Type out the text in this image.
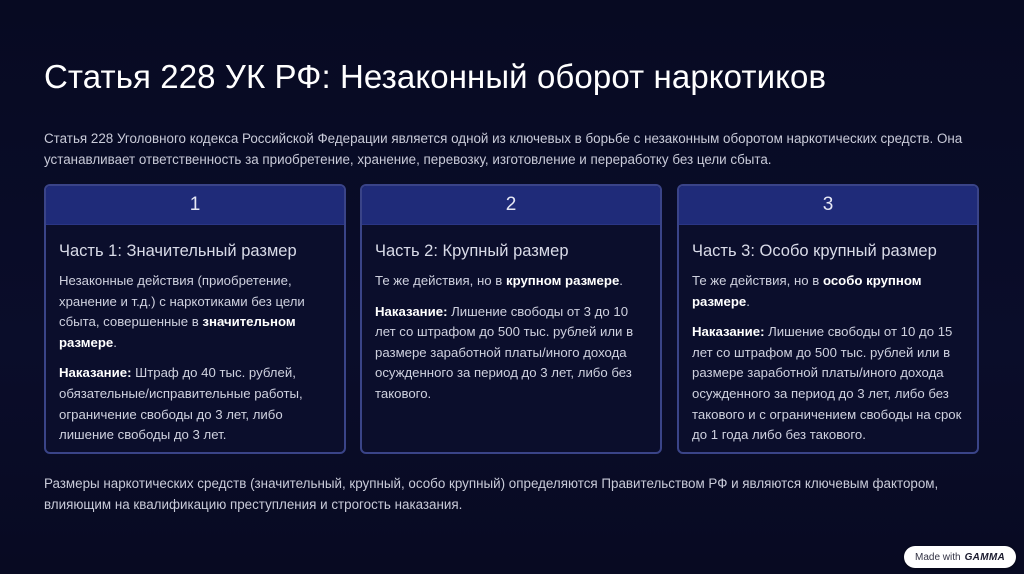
Статья 228 УК РФ: Незаконный оборот наркотиков

Статья 228 Уголовного кодекса Российской Федерации является одной из ключевых в борьбе с незаконным оборотом наркотических средств. Она устанавливает ответственность за приобретение, хранение, перевозку, изготовление и переработку без цели сбыта.

1
Часть 1: Значительный размер

Незаконные действия (приобретение, хранение и т.д.) с наркотиками без цели сбыта, совершенные в значительном размере.

Наказание: Штраф до 40 тыс. рублей, обязательные/исправительные работы, ограничение свободы до 3 лет, либо лишение свободы до 3 лет.

2
Часть 2: Крупный размер

Те же действия, но в крупном размере.

Наказание: Лишение свободы от 3 до 10 лет со штрафом до 500 тыс. рублей или в размере заработной платы/иного дохода осужденного за период до 3 лет, либо без такового.

3
Часть 3: Особо крупный размер

Те же действия, но в особо крупном размере.

Наказание: Лишение свободы от 10 до 15 лет со штрафом до 500 тыс. рублей или в размере заработной платы/иного дохода осужденного за период до 3 лет, либо без такового и с ограничением свободы на срок до 1 года либо без такового.

Размеры наркотических средств (значительный, крупный, особо крупный) определяются Правительством РФ и являются ключевым фактором, влияющим на квалификацию преступления и строгость наказания.

Made with GAMMA
